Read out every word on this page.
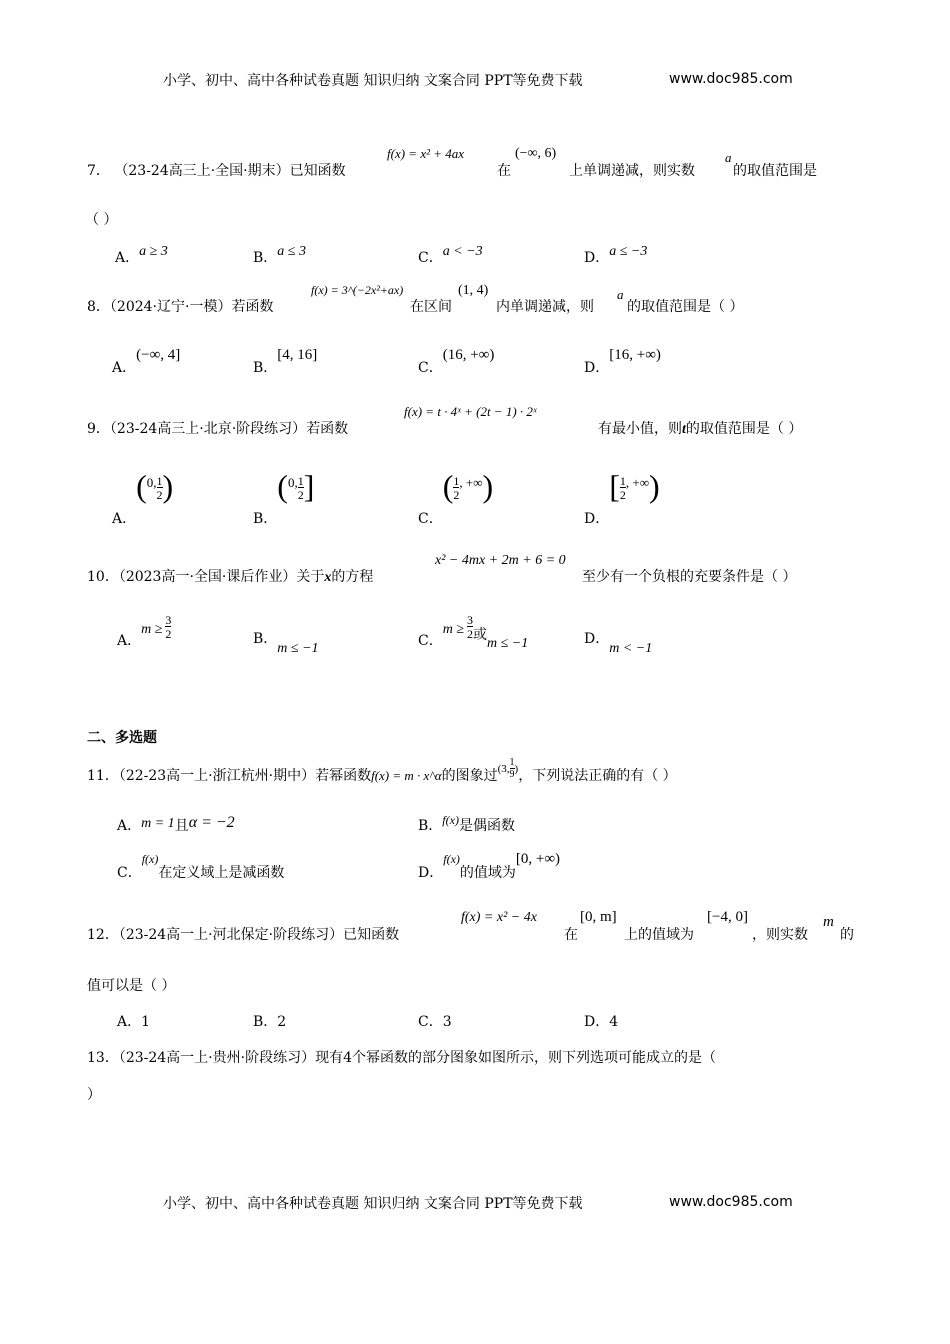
小学、初中、高中各种试卷真题 知识归纳 文案合同 PPT等免费下载	www.doc985.com
7． （23-24高三上·全国·期末）已知函数
f(x) = x² + 4ax
在
(−∞, 6)
上单调递减，则实数
a
的取值范围是
（ ）
A．a ≥ 3	B．a ≤ 3	C．a < −3	D．a ≤ −3
8．（2024·辽宁·一模）若函数
f(x) = 3^(−2x²+ax)
在区间
(1, 4)
内单调递减，则
a
的取值范围是（ ）
A．(−∞, 4]
B．[4, 16]
C．(16, +∞)
D．[16, +∞)
9．（23-24高三上·北京·阶段练习）若函数
f(x) = t · 4ˣ + (2t − 1) · 2ˣ
有最小值，则t的取值范围是（ ）
A．(0, $\frac{1}{2}$ )
B．(0, $\frac{1}{2}$ ]
C．( $\frac{1}{2}$ , +∞)
D．[ $\frac{1}{2}$ , +∞)
10．（2023高一·全国·课后作业）关于x的方程
x² − 4mx + 2m + 6 = 0
至少有一个负根的充要条件是（ ）
A．$m \ge \frac{3}{2}$	B．m ≤ −1	C．$m \ge \frac{3}{2}$ 或m ≤ −1	D．m < −1
二、多选题
11．（22-23高一上·浙江杭州·期中）若幂函数f(x) = m · x^α的图象过$^{(3, \frac{1}{9} )}$，下列说法正确的有（ ）
A．m = 1且α = −2	B．f(x)是偶函数
C．f(x)在定义域上是减函数	D．f(x)的值域为[0, +∞)
12．（23-24高一上·河北保定·阶段练习）已知函数
f(x) = x² − 4x
在
[0, m]
上的值域为
[−4, 0]
，则实数
m
的
值可以是（ ）
A．1	B．2	C．3	D．4
13．（23-24高一上·贵州·阶段练习）现有4个幂函数的部分图象如图所示，则下列选项可能成立的是（
）
小学、初中、高中各种试卷真题 知识归纳 文案合同 PPT等免费下载	www.doc985.com
